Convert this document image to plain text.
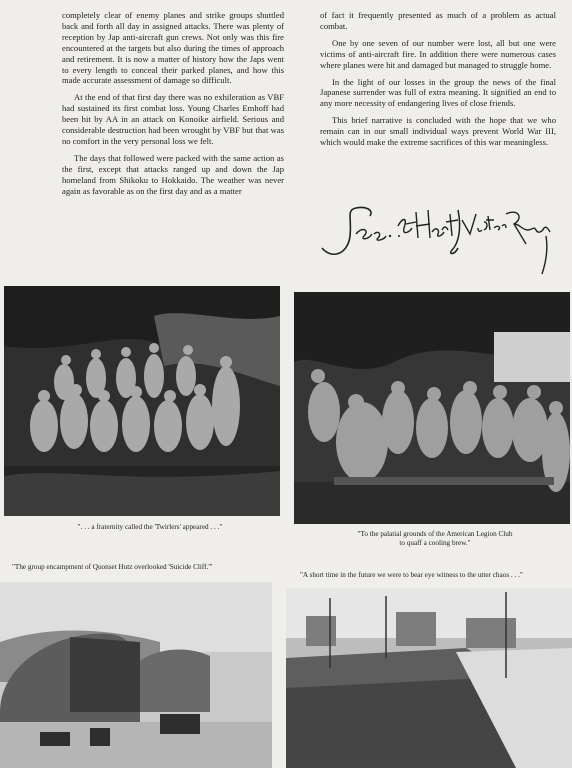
completely clear of enemy planes and strike groups shuttled back and forth all day in assigned attacks. There was plenty of reception by Jap anti-aircraft gun crews. Not only was this fire encountered at the targets but also during the times of approach and retirement. It is now a matter of history how the Japs went to every length to conceal their parked planes, and how this made accurate assessment of damage so difficult.

At the end of that first day there was no exhileration as VBF had sustained its first combat loss. Young Charles Emhoff had been hit by AA in an attack on Konoike airfield. Serious and considerable destruction had been wrought by VBF but that was no comfort in the very personal loss we felt.

The days that followed were packed with the same action as the first, except that attacks ranged up and down the Jap homeland from Shikoku to Hokkaido. The weather was never again as favorable as on the first day and as a matter

of fact it frequently presented as much of a problem as actual combat.

One by one seven of our number were lost, all but one were victims of anti-aircraft fire. In addition there were numerous cases where planes were hit and damaged but managed to struggle home.

In the light of our losses in the group the news of the final Japanese surrender was full of extra meaning. It signified an end to any more necessity of endangering lives of close friends.

This brief narrative is concluded with the hope that we who remain can in our small individual ways prevent World War III, which would make the extreme sacrifices of this war meaningless.

". . . a fraternity called the 'Twirlers' appeared . . ."
"To the palatial grounds of the American Legion Club
to quaff a cooling brew."
"The group encampment of Quonset Hutz overlooked 'Suicide Cliff.'"
"A short time in the future we were to bear eye witness to the utter chaos . . ."
